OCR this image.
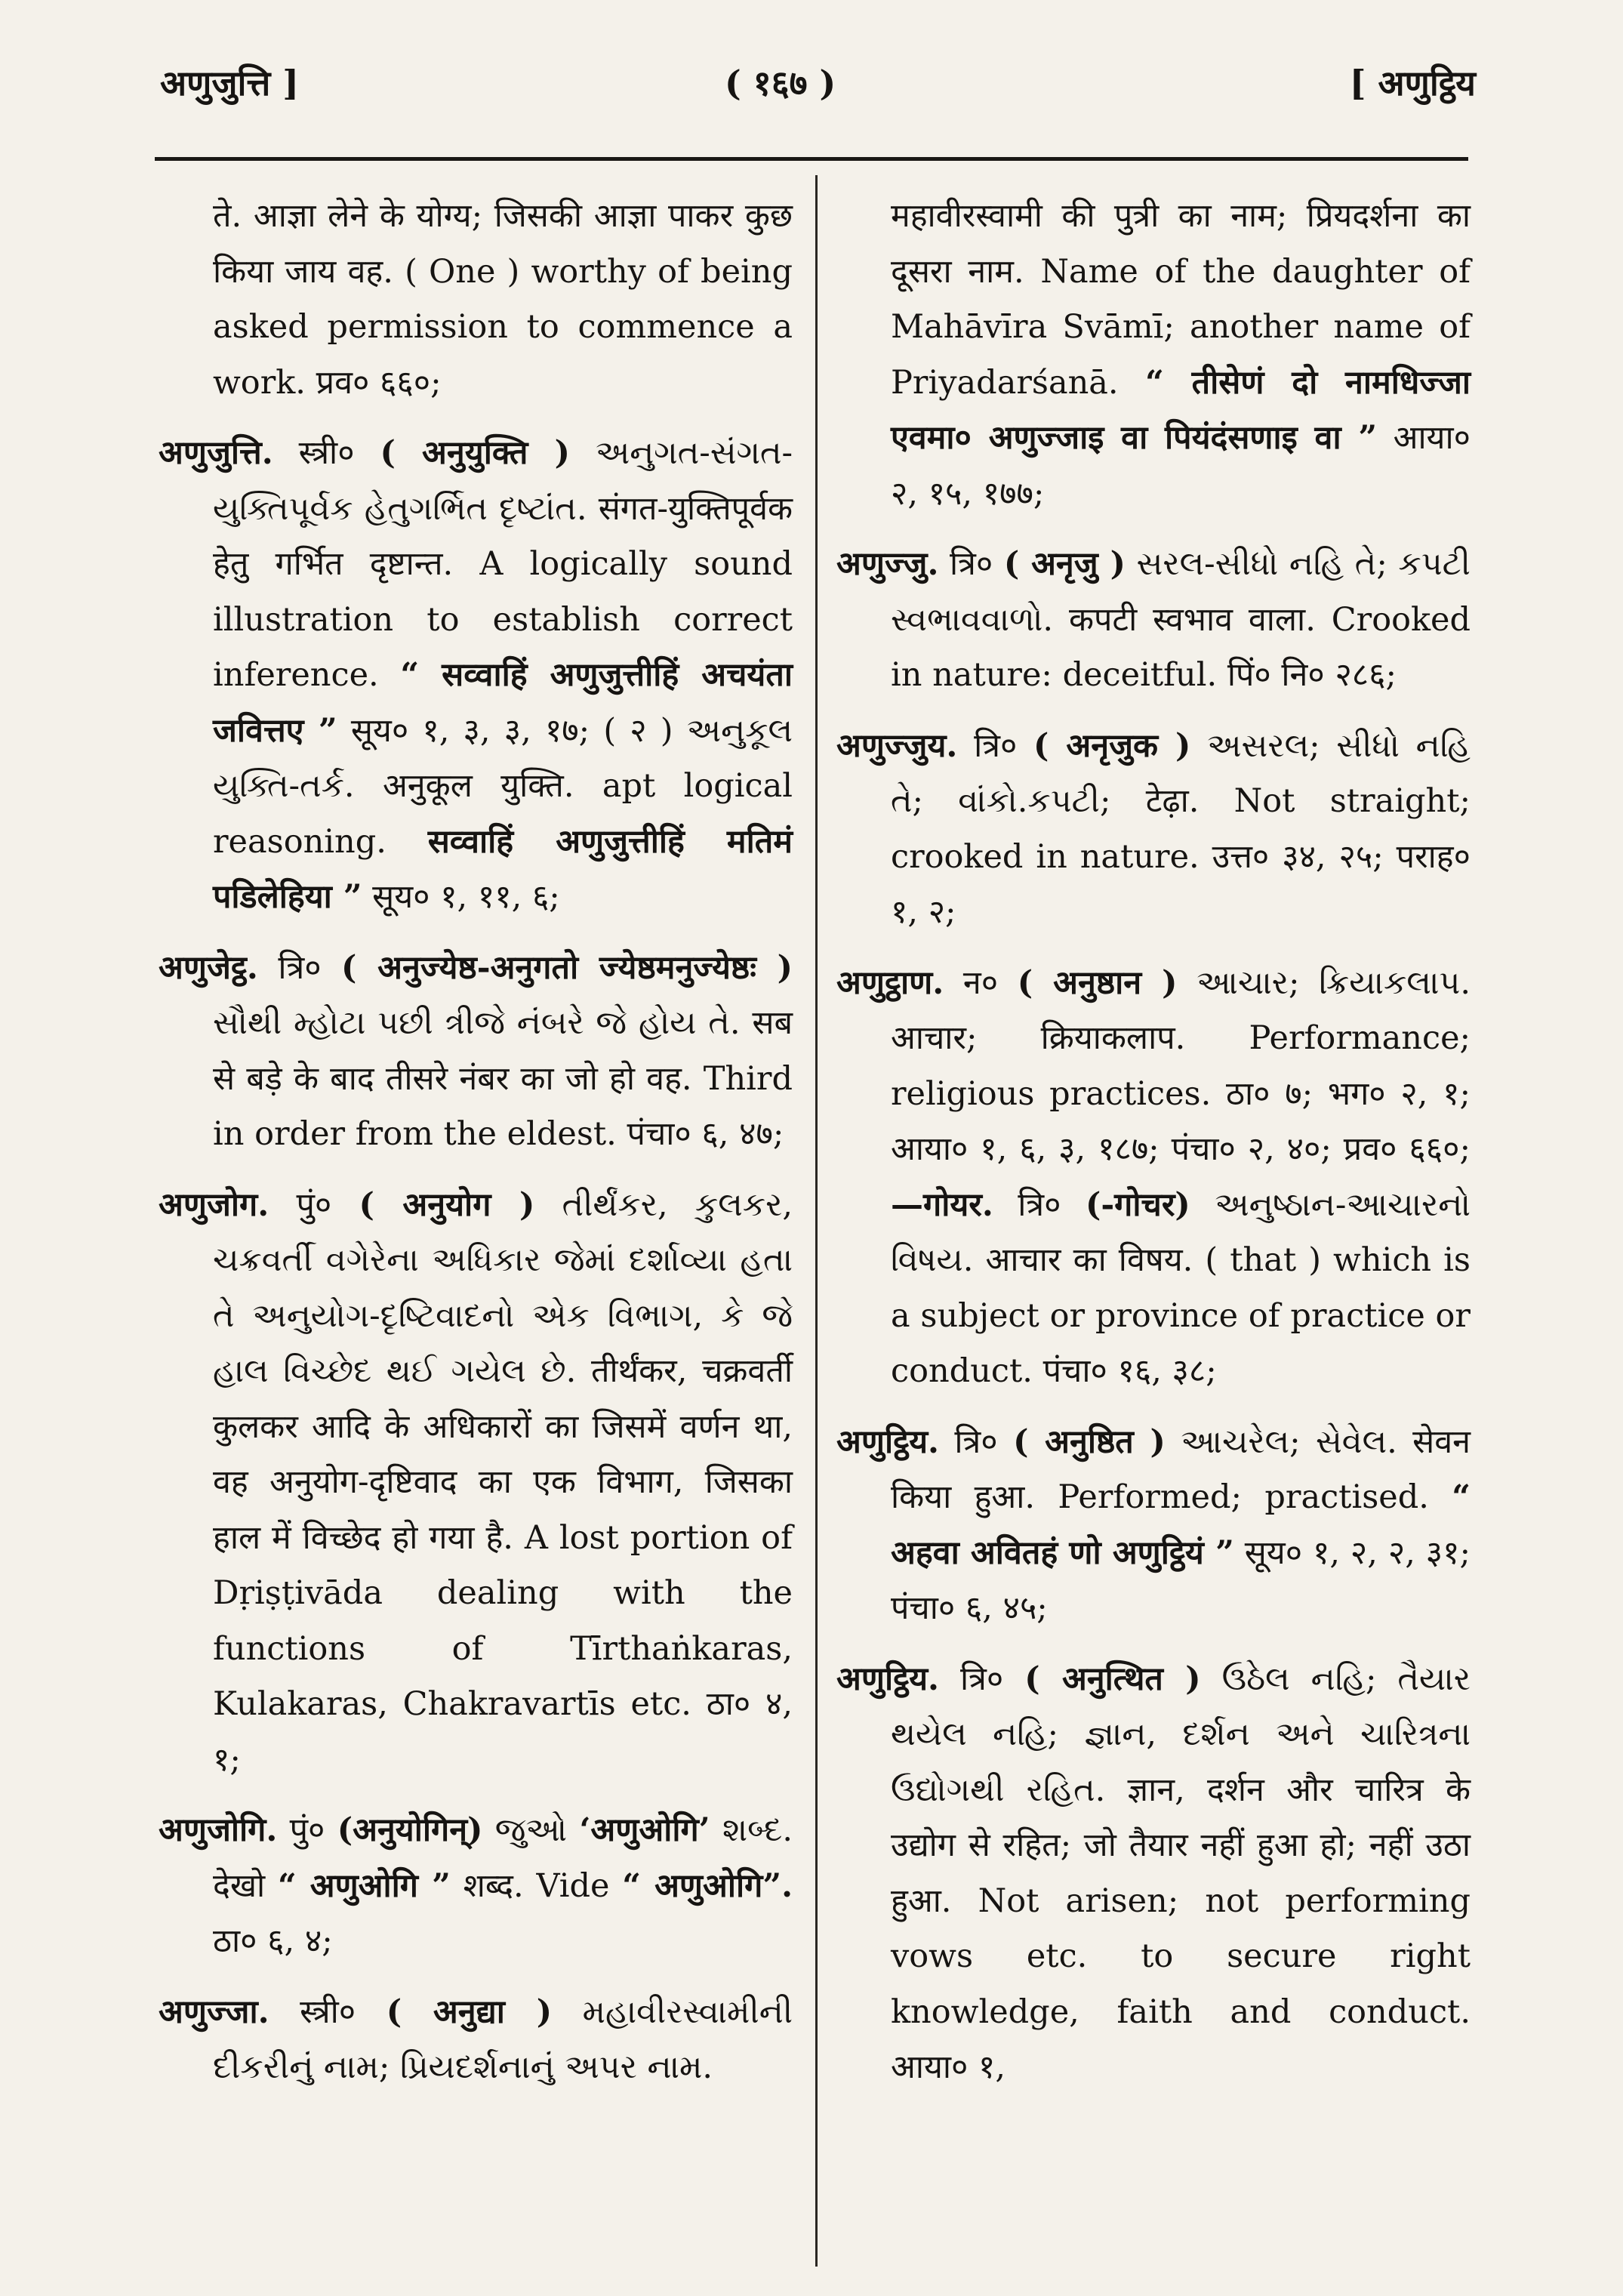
अणुजुत्ति ]	( १६७ )	[ अणुट्ठिय

ते. आज्ञा लेने के योग्य; जिसकी आज्ञा पाकर कुछ किया जाय वह. ( One ) worthy of being asked permission to commence a work. प्रव० ६६०;

अणुजुत्ति. स्त्री० ( अनुयुक्ति ) અનુગત-સંગત-યુક્તિપૂર્વક હેતુગર્ભિત દૃષ્ટાંત. संगत-युक्तिपूर्वक हेतु गर्भित दृष्टान्त. A logically sound illustration to establish correct inference. “ सव्वाहिं अणुजुत्तीहिं अचयंता जवित्तए ” सूय० १, ३, ३, १७; ( २ ) અનુકૂલ યુક્તિ-તર્ક. अनुकूल युक्ति. apt logical reasoning. सव्वाहिं अणुजुत्तीहिं मतिमं पडिलेहिया ” सूय० १, ११, ६;

अणुजेट्ठ. त्रि० ( अनुज्येष्ठ-अनुगतो ज्येष्ठमनुज्येष्ठः ) સૌથી મ્હોટા પછી ત્રીજે નંબરે જે હોય તે. सब से बड़े के बाद तीसरे नंबर का जो हो वह. Third in order from the eldest. पंचा० ६, ४७;

अणुजोग. पुं० ( अनुयोग ) તીર્થંકર, કુલકર, ચક્રવર્તી વગેરેના અધિકાર જેમાં દર્શાવ્યા હતા તે અનુયોગ-દૃષ્ટિવાદનો એક વિભાગ, કે જે હાલ વિચ્છેદ થઈ ગયેલ છે. तीर्थंकर, चक्रवर्ती कुलकर आदि के अधिकारों का जिसमें वर्णन था, वह अनुयोग-दृष्टिवाद का एक विभाग, जिसका हाल में विच्छेद हो गया है. A lost portion of Dṛiṣṭivāda dealing with the functions of Tīrthaṅkaras, Kulakaras, Chakravartīs etc. ठा० ४, १;

अणुजोगि. पुं० (अनुयोगिन्) જુઓ ‘अणुओगि’ શબ્દ. देखो “ अणुओगि ” शब्द. Vide “ अणुओगि”. ठा० ६, ४;

अणुज्जा. स्त्री० ( अनुद्या ) મહાવીરસ્વામીની દીકરીનું નામ; પ્રિયદર્શનાનું અપર નામ.

महावीरस्वामी की पुत्री का नाम; प्रियदर्शना का दूसरा नाम. Name of the daughter of Mahāvīra Svāmī; another name of Priyadarśanā. “ तीसेणं दो नामधिज्जा एवमा० अणुज्जाइ वा पियंदंसणाइ वा ” आया० २, १५, १७७;

अणुज्जु. त्रि० ( अनृजु ) સરલ-સીધો નહિ તે; કપટી સ્વભાવવાળો. कपटी स्वभाव वाला. Crooked in nature: deceitful. पिं० नि० २८६;

अणुज्जुय. त्रि० ( अनृजुक ) અસરલ; સીધો નહિ તે; વાંકો.કપટી; टेढ़ा. Not straight; crooked in nature. उत्त० ३४, २५; पराह० १, २;

अणुट्ठाण. न० ( अनुष्ठान ) આચાર; ક્રિયાકલાપ. आचार; क्रियाकलाप. Performance; religious practices. ठा० ७; भग० २, १; आया० १, ६, ३, १८७; पंचा० २, ४०; प्रव० ६६०; —गोयर. त्रि० (-गोचर) અનુષ્ઠાન-આચારનો વિષય. आचार का विषय. ( that ) which is a subject or province of practice or conduct. पंचा० १६, ३८;

अणुट्ठिय. त्रि० ( अनुष्ठित ) આચરેલ; સેવેલ. सेवन किया हुआ. Performed; practised. “ अहवा अवितहं णो अणुट्ठियं ” सूय० १, २, २, ३१; पंचा० ६, ४५;

अणुट्ठिय. त्रि० ( अनुत्थित ) ઉઠેલ નહિ; તૈયાર થયેલ નહિ; જ્ઞાન, દર્શન અને ચારિત્રના ઉદ્યોગથી રહિત. ज्ञान, दर्शन और चारित्र के उद्योग से रहित; जो तैयार नहीं हुआ हो; नहीं उठा हुआ. Not arisen; not performing vows etc. to secure right knowledge, faith and conduct. आया० १,
